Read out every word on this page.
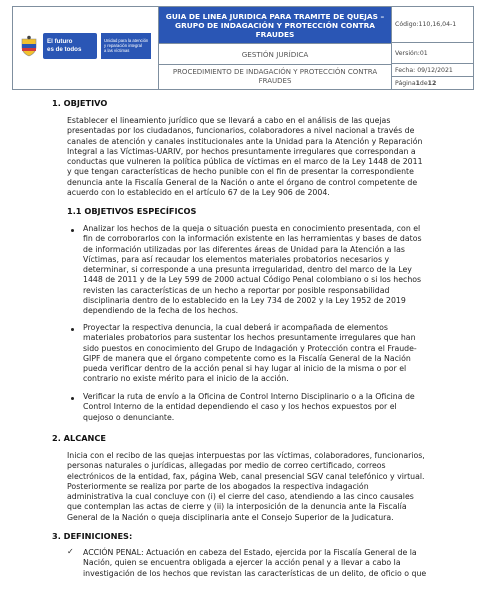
El futuro
es de todos
Unidad para la atención
y reparación integral
a las víctimas
GUIA DE LINEA JURIDICA PARA TRAMITE DE QUEJAS – GRUPO DE INDAGACIÓN Y PROTECCIÓN CONTRA FRAUDES
GESTIÓN JURÍDICA
PROCEDIMIENTO DE INDAGACIÓN Y PROTECCIÓN CONTRA FRAUDES
Código:110,16,04-1
Versión:01
Fecha: 09/12/2021
Página 1 de 12
1. OBJETIVO
Establecer el lineamiento jurídico que se llevará a cabo en el análisis de las quejas
presentadas por los ciudadanos, funcionarios, colaboradores a nivel nacional a través de
canales de atención y canales institucionales ante la Unidad para la Atención y Reparación
Integral a las Víctimas-UARIV, por hechos presuntamente irregulares que correspondan a
conductas que vulneren la política pública de víctimas en el marco de la Ley 1448 de 2011
y que tengan características de hecho punible con el fin de presentar la correspondiente
denuncia ante la Fiscalía General de la Nación o ante el órgano de control competente de
acuerdo con lo establecido en el artículo 67 de la Ley 906 de 2004.
1.1 OBJETIVOS ESPECÍFICOS
Analizar los hechos de la queja o situación puesta en conocimiento presentada, con el
fin de corroborarlos con la información existente en las herramientas y bases de datos
de información utilizadas por las diferentes áreas de Unidad para la Atención a las
Víctimas, para así recaudar los elementos materiales probatorios necesarios y
determinar, si corresponde a una presunta irregularidad, dentro del marco de la Ley
1448 de 2011 y de la Ley 599 de 2000 actual Código Penal colombiano o si los hechos
revisten las características de un hecho a reportar por posible responsabilidad
disciplinaria dentro de lo establecido en la Ley 734 de 2002 y la Ley 1952 de 2019
dependiendo de la fecha de los hechos.
Proyectar la respectiva denuncia, la cual deberá ir acompañada de elementos
materiales probatorios para sustentar los hechos presuntamente irregulares que han
sido puestos en conocimiento del Grupo de Indagación y Protección contra el Fraude-
GIPF de manera que el órgano competente como es la Fiscalía General de la Nación
pueda verificar dentro de la acción penal si hay lugar al inicio de la misma o por el
contrario no existe mérito para el inicio de la acción.
Verificar la ruta de envío a la Oficina de Control Interno Disciplinario o a la Oficina de
Control Interno de la entidad dependiendo el caso y los hechos expuestos por el
quejoso o denunciante.
2. ALCANCE
Inicia con el recibo de las quejas interpuestas por las víctimas, colaboradores, funcionarios,
personas naturales o jurídicas, allegadas por medio de correo certificado, correos
electrónicos de la entidad, fax, página Web, canal presencial SGV canal telefónico y virtual.
Posteriormente se realiza por parte de los abogados la respectiva indagación
administrativa la cual concluye con (i) el cierre del caso, atendiendo a las cinco causales
que contemplan las actas de cierre y (ii) la interposición de la denuncia ante la Fiscalía
General de la Nación o queja disciplinaria ante el Consejo Superior de la Judicatura.
3. DEFINICIONES:
✓ ACCIÓN PENAL: Actuación en cabeza del Estado, ejercida por la Fiscalía General de la
Nación, quien se encuentra obligada a ejercer la acción penal y a llevar a cabo la
investigación de los hechos que revistan las características de un delito, de oficio o que
